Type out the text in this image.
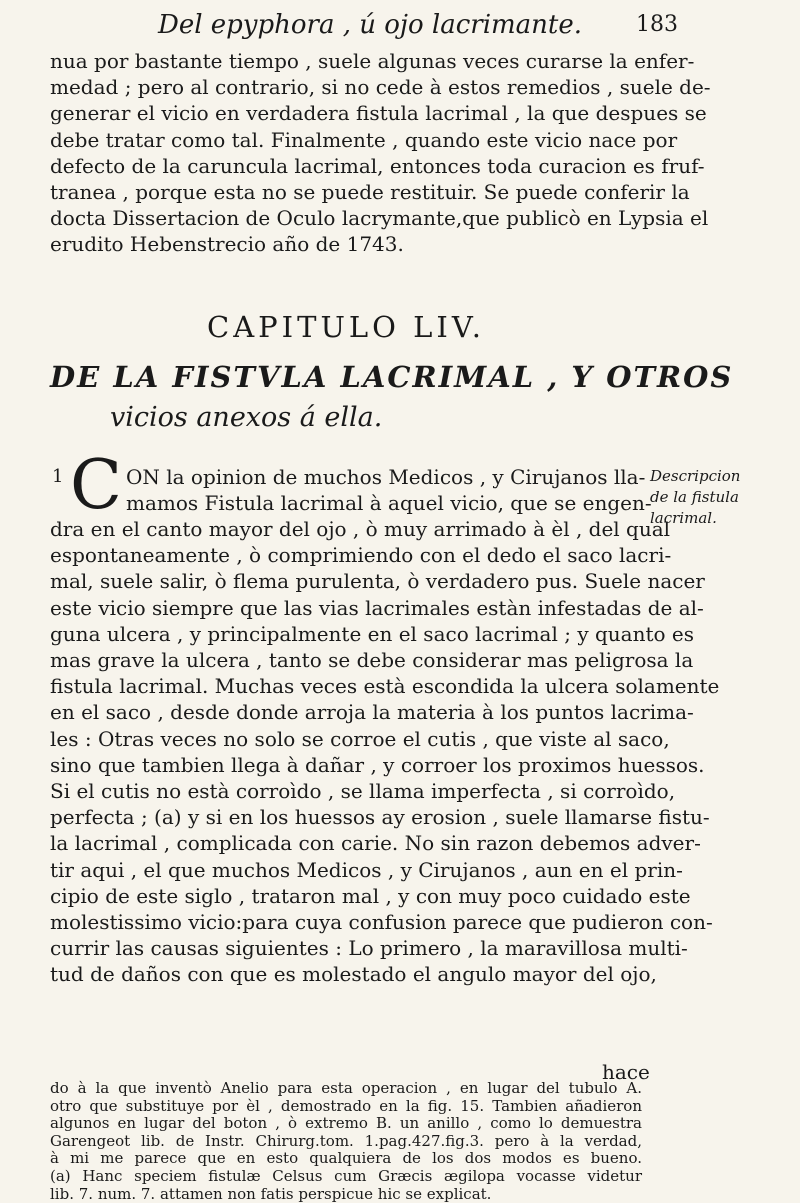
Del epyphora , ú ojo lacrimante.	183
nua por bastante tiempo , suele algunas veces curarse la enfer-
medad ; pero al contrario, si no cede à estos remedios , suele de-
generar el vicio en verdadera fistula lacrimal , la que despues se
debe tratar como tal. Finalmente , quando este vicio nace por
defecto de la caruncula lacrimal, entonces toda curacion es fruf-
tranea , porque esta no se puede restituir. Se puede conferir la
docta Dissertacion de Oculo lacrymante,que publicò en Lypsia el
erudito Hebenstrecio año de 1743.
CAPITULO LIV.
DE LA FISTVLA LACRIMAL , Y OTROS
vicios anexos á ella.
1 C ON la opinion de muchos Medicos , y Cirujanos lla-
mamos Fistula lacrimal à aquel vicio, que se engen-
dra en el canto mayor del ojo , ò muy arrimado à èl , del qual
espontaneamente , ò comprimiendo con el dedo el saco lacri-
mal, suele salir, ò flema purulenta, ò verdadero pus. Suele nacer
este vicio siempre que las vias lacrimales estàn infestadas de al-
guna ulcera , y principalmente en el saco lacrimal ; y quanto es
mas grave la ulcera , tanto se debe considerar mas peligrosa la
fistula lacrimal. Muchas veces està escondida la ulcera solamente
en el saco , desde donde arroja la materia à los puntos lacrima-
les : Otras veces no solo se corroe el cutis , que viste al saco,
sino que tambien llega à dañar , y corroer los proximos huessos.
Si el cutis no està corroìdo , se llama imperfecta , si corroìdo,
perfecta ; (a) y si en los huessos ay erosion , suele llamarse fistu-
la lacrimal , complicada con carie. No sin razon debemos adver-
tir aqui , el que muchos Medicos , y Cirujanos , aun en el prin-
cipio de este siglo , trataron mal , y con muy poco cuidado este
molestissimo vicio:para cuya confusion parece que pudieron con-
currir las causas siguientes : Lo primero , la maravillosa multi-
tud de daños con que es molestado el angulo mayor del ojo,
Descripcion
de la fistula
lacrimal.
hace
do à la que inventò Anelio para esta operacion , en lugar del tubulo A.
otro que substituye por èl , demostrado en la fig. 15. Tambien añadieron
algunos en lugar del boton , ò extremo B. un anillo , como lo demuestra
Garengeot lib. de Instr. Chirurg.tom. 1.pag.427.fig.3. pero à la verdad,
à mi me parece que en esto qualquiera de los dos modos es bueno.
(a) Hanc speciem fistulæ Celsus cum Græcis ægilopa vocasse videtur
lib. 7. num. 7. attamen non fatis perspicue hic se explicat.
